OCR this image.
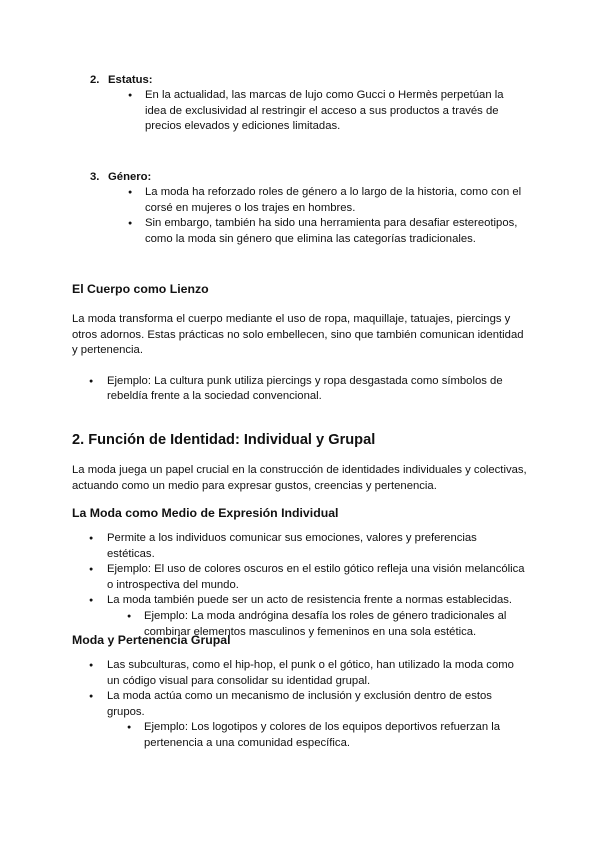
2. Estatus:
● En la actualidad, las marcas de lujo como Gucci o Hermès perpetúan la idea de exclusividad al restringir el acceso a sus productos a través de precios elevados y ediciones limitadas.
3. Género:
● La moda ha reforzado roles de género a lo largo de la historia, como con el corsé en mujeres o los trajes en hombres.
● Sin embargo, también ha sido una herramienta para desafiar estereotipos, como la moda sin género que elimina las categorías tradicionales.
El Cuerpo como Lienzo

La moda transforma el cuerpo mediante el uso de ropa, maquillaje, tatuajes, piercings y otros adornos. Estas prácticas no solo embellecen, sino que también comunican identidad y pertenencia.

● Ejemplo: La cultura punk utiliza piercings y ropa desgastada como símbolos de rebeldía frente a la sociedad convencional.
2. Función de Identidad: Individual y Grupal

La moda juega un papel crucial en la construcción de identidades individuales y colectivas, actuando como un medio para expresar gustos, creencias y pertenencia.

La Moda como Medio de Expresión Individual
● Permite a los individuos comunicar sus emociones, valores y preferencias estéticas.
● Ejemplo: El uso de colores oscuros en el estilo gótico refleja una visión melancólica o introspectiva del mundo.
● La moda también puede ser un acto de resistencia frente a normas establecidas.
● Ejemplo: La moda andrógina desafía los roles de género tradicionales al combinar elementos masculinos y femeninos en una sola estética.
Moda y Pertenencia Grupal
● Las subculturas, como el hip-hop, el punk o el gótico, han utilizado la moda como un código visual para consolidar su identidad grupal.
● La moda actúa como un mecanismo de inclusión y exclusión dentro de estos grupos.
● Ejemplo: Los logotipos y colores de los equipos deportivos refuerzan la pertenencia a una comunidad específica.
